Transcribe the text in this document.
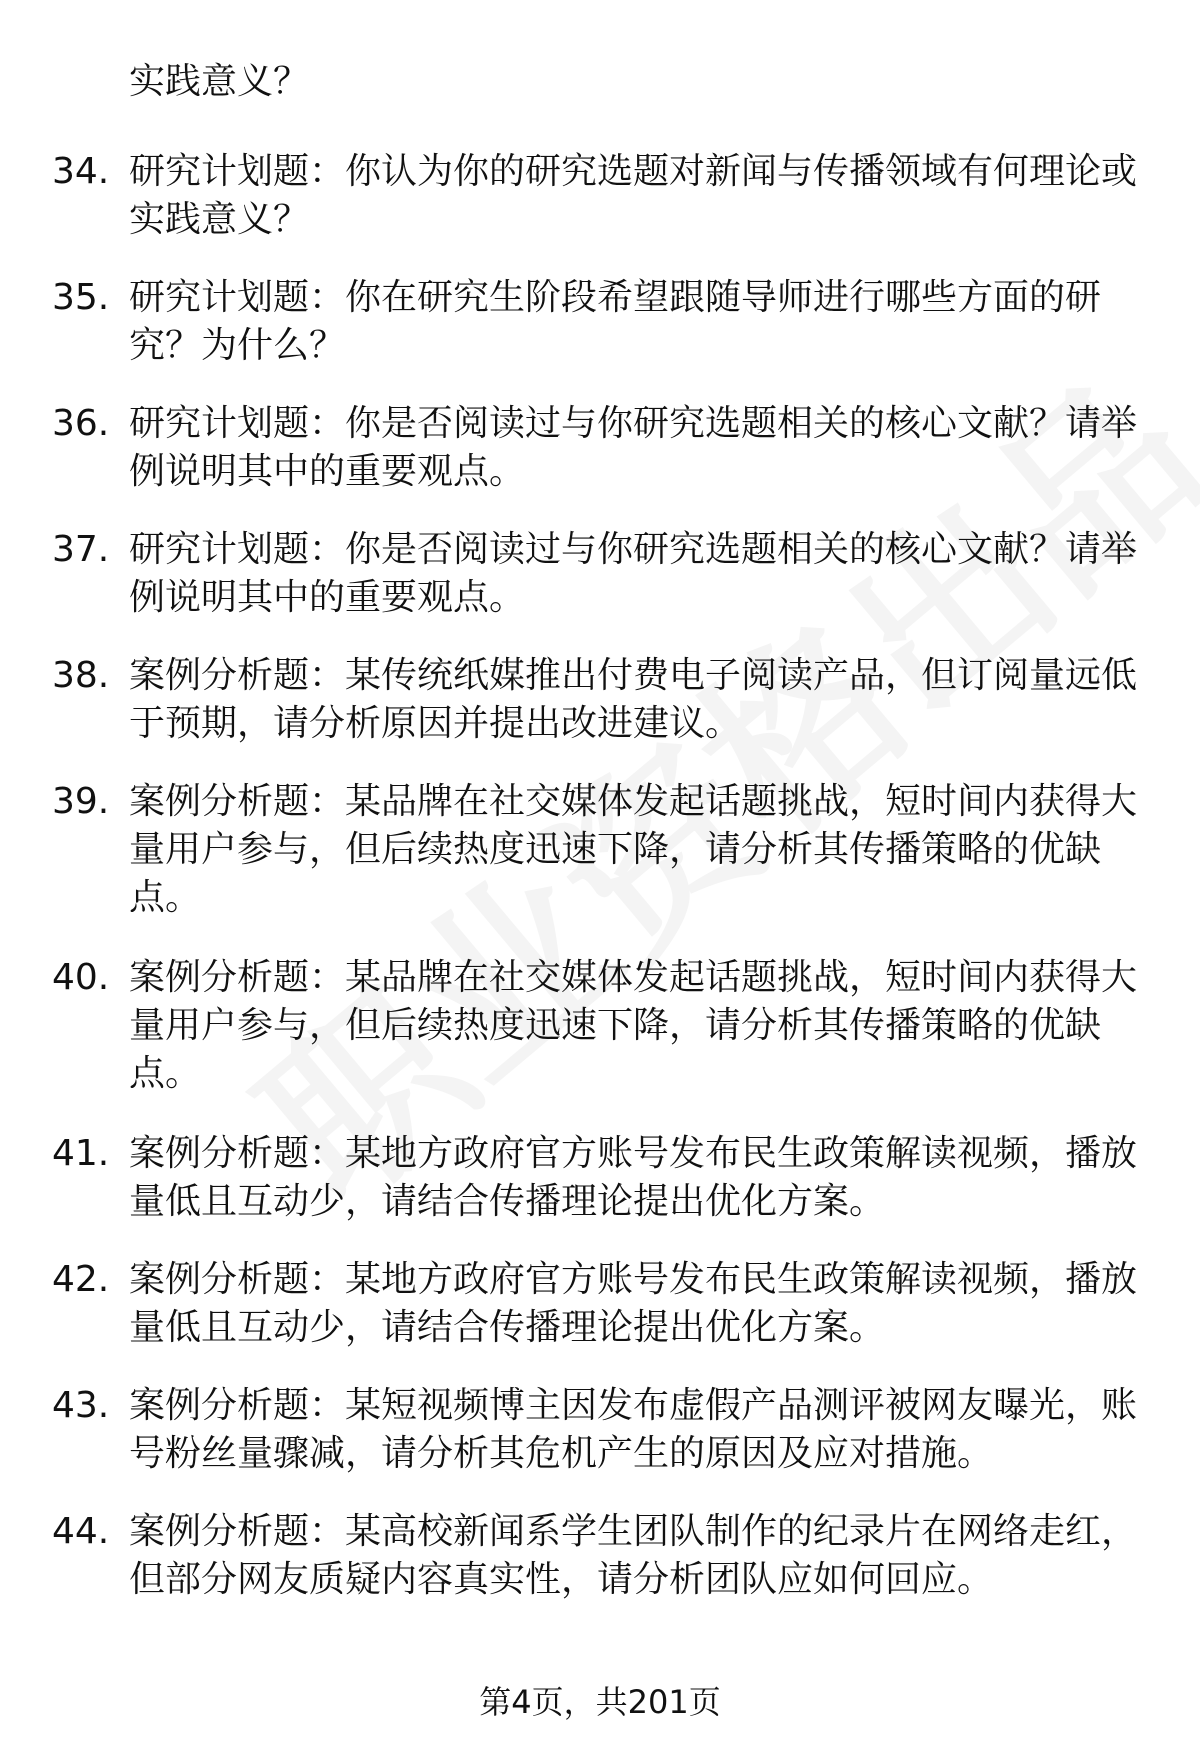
实践意义？
34. 研究计划题：你认为你的研究选题对新闻与传播领域有何理论或实践意义？
35. 研究计划题：你在研究生阶段希望跟随导师进行哪些方面的研究？为什么？
36. 研究计划题：你是否阅读过与你研究选题相关的核心文献？请举例说明其中的重要观点。
37. 研究计划题：你是否阅读过与你研究选题相关的核心文献？请举例说明其中的重要观点。
38. 案例分析题：某传统纸媒推出付费电子阅读产品，但订阅量远低于预期，请分析原因并提出改进建议。
39. 案例分析题：某品牌在社交媒体发起话题挑战，短时间内获得大量用户参与，但后续热度迅速下降，请分析其传播策略的优缺点。
40. 案例分析题：某品牌在社交媒体发起话题挑战，短时间内获得大量用户参与，但后续热度迅速下降，请分析其传播策略的优缺点。
41. 案例分析题：某地方政府官方账号发布民生政策解读视频，播放量低且互动少，请结合传播理论提出优化方案。
42. 案例分析题：某地方政府官方账号发布民生政策解读视频，播放量低且互动少，请结合传播理论提出优化方案。
43. 案例分析题：某短视频博主因发布虚假产品测评被网友曝光，账号粉丝量骤减，请分析其危机产生的原因及应对措施。
44. 案例分析题：某高校新闻系学生团队制作的纪录片在网络走红，但部分网友质疑内容真实性，请分析团队应如何回应。
第4页，共201页
